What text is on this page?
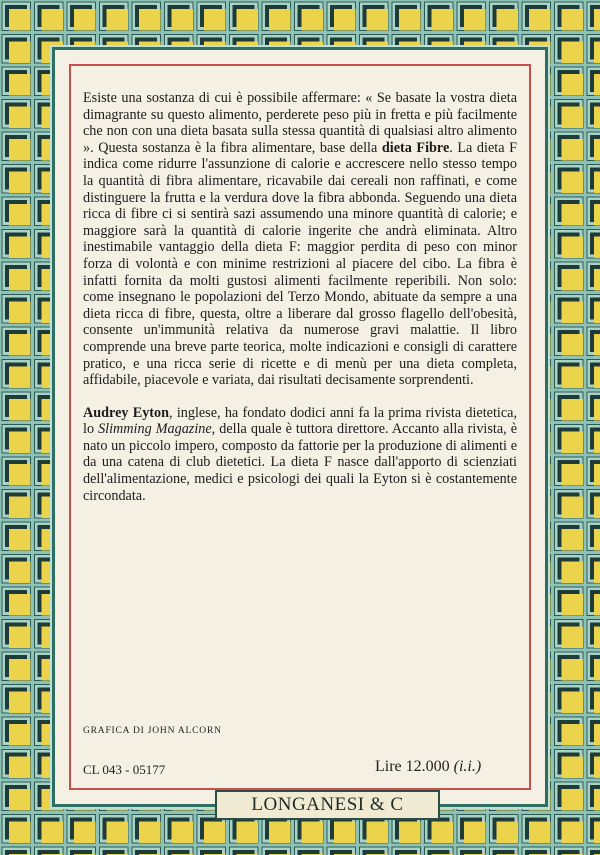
Esiste una sostanza di cui è possibile affermare: « Se basate la vostra dieta dimagrante su questo alimento, perderete peso più in fretta e più facilmente che non con una dieta basata sulla stessa quantità di qualsiasi altro alimento ». Questa sostanza è la fibra alimentare, base della dieta Fibre. La dieta F indica come ridurre l'assunzione di calorie e accrescere nello stesso tempo la quantità di fibra alimentare, ricavabile dai cereali non raffinati, e come distinguere la frutta e la verdura dove la fibra abbonda. Seguendo una dieta ricca di fibre ci si sentirà sazi assumendo una minore quantità di calorie; e maggiore sarà la quantità di calorie ingerite che andrà eliminata. Altro inestimabile vantaggio della dieta F: maggior perdita di peso con minor forza di volontà e con minime restrizioni al piacere del cibo. La fibra è infatti fornita da molti gustosi alimenti facilmente reperibili. Non solo: come insegnano le popolazioni del Terzo Mondo, abituate da sempre a una dieta ricca di fibre, questa, oltre a liberare dal grosso flagello dell'obesità, consente un'immunità relativa da numerose gravi malattie. Il libro comprende una breve parte teorica, molte indicazioni e consigli di carattere pratico, e una ricca serie di ricette e di menù per una dieta completa, affidabile, piacevole e variata, dai risultati decisamente sorprendenti.

Audrey Eyton, inglese, ha fondato dodici anni fa la prima rivista dietetica, lo Slimming Magazine, della quale è tuttora direttore. Accanto alla rivista, è nato un piccolo impero, composto da fattorie per la produzione di alimenti e da una catena di club dietetici. La dieta F nasce dall'apporto di scienziati dell'alimentazione, medici e psicologi dei quali la Eyton si è costantemente circondata.

GRAFICA DI JOHN ALCORN
CL 043 - 05177	Lire 12.000 (i.i.)
LONGANESI & C
